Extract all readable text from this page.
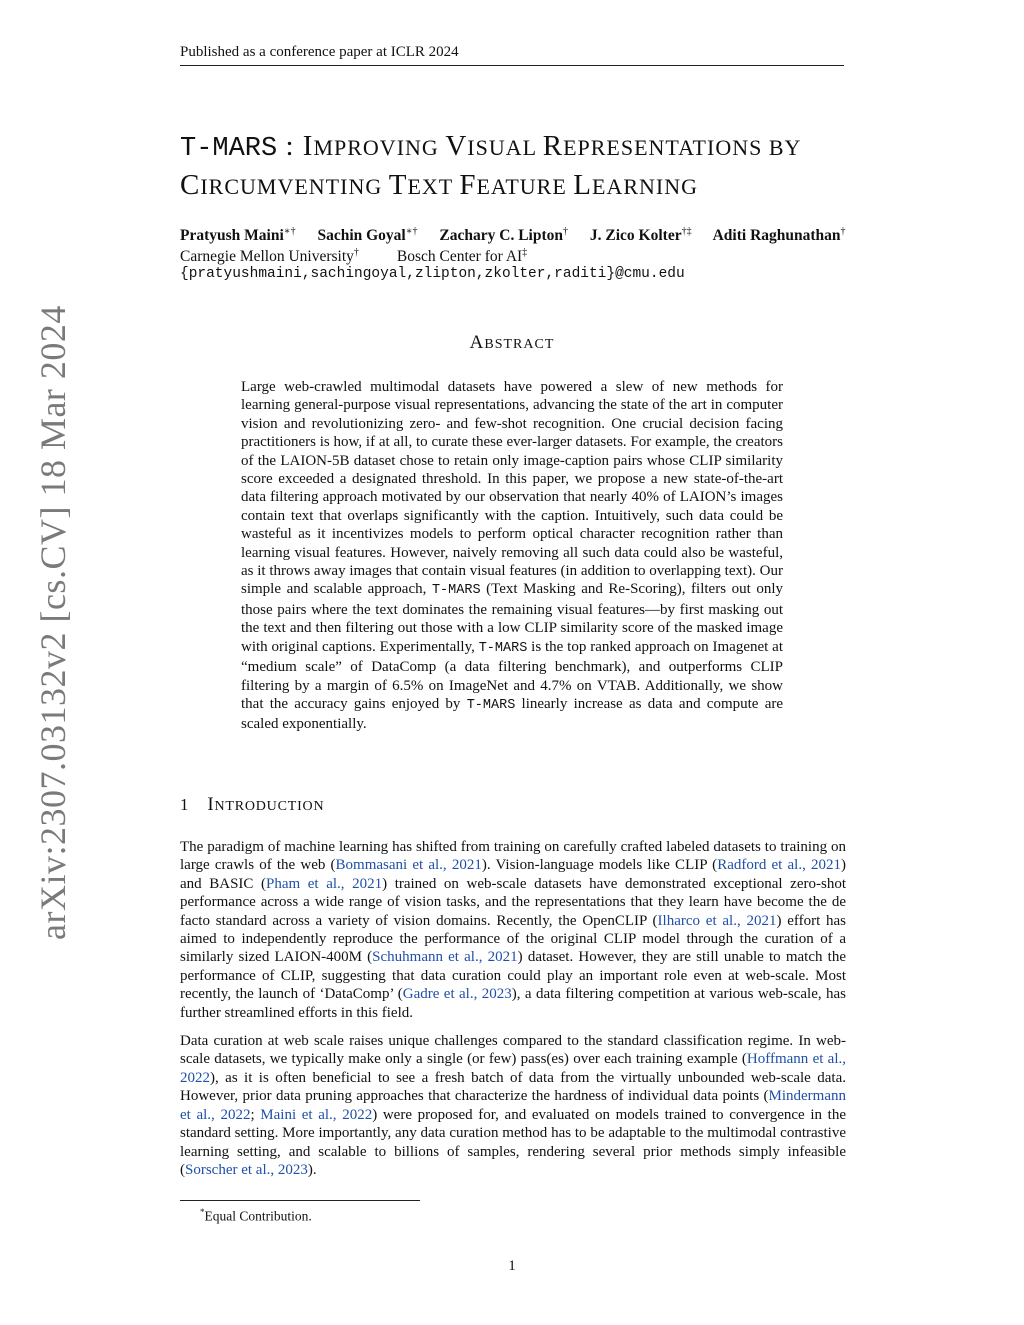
Published as a conference paper at ICLR 2024
arXiv:2307.03132v2 [cs.CV] 18 Mar 2024
T-MARS : IMPROVING VISUAL REPRESENTATIONS BY
CIRCUMVENTING TEXT FEATURE LEARNING
Pratyush Maini∗† Sachin Goyal∗† Zachary C. Lipton† J. Zico Kolter†‡ Aditi Raghunathan†
Carnegie Mellon University† Bosch Center for AI‡
{pratyushmaini,sachingoyal,zlipton,zkolter,raditi}@cmu.edu
ABSTRACT
Large web-crawled multimodal datasets have powered a slew of new methods for learning general-purpose visual representations, advancing the state of the art in computer vision and revolutionizing zero- and few-shot recognition. One crucial decision facing practitioners is how, if at all, to curate these ever-larger datasets. For example, the creators of the LAION-5B dataset chose to retain only image-caption pairs whose CLIP similarity score exceeded a designated threshold. In this paper, we propose a new state-of-the-art data filtering approach motivated by our observation that nearly 40% of LAION’s images contain text that overlaps significantly with the caption. Intuitively, such data could be wasteful as it incentivizes models to perform optical character recognition rather than learning visual features. However, naively removing all such data could also be wasteful, as it throws away images that contain visual features (in addition to overlapping text). Our simple and scalable approach, T-MARS (Text Masking and Re-Scoring), filters out only those pairs where the text dominates the remaining visual features—by first masking out the text and then filtering out those with a low CLIP similarity score of the masked image with original captions. Experimentally, T-MARS is the top ranked approach on Imagenet at “medium scale” of DataComp (a data filtering benchmark), and outperforms CLIP filtering by a margin of 6.5% on ImageNet and 4.7% on VTAB. Additionally, we show that the accuracy gains enjoyed by T-MARS linearly increase as data and compute are scaled exponentially.
1 INTRODUCTION

The paradigm of machine learning has shifted from training on carefully crafted labeled datasets to training on large crawls of the web (Bommasani et al., 2021). Vision-language models like CLIP (Radford et al., 2021) and BASIC (Pham et al., 2021) trained on web-scale datasets have demonstrated exceptional zero-shot performance across a wide range of vision tasks, and the representations that they learn have become the de facto standard across a variety of vision domains. Recently, the OpenCLIP (Ilharco et al., 2021) effort has aimed to independently reproduce the performance of the original CLIP model through the curation of a similarly sized LAION-400M (Schuhmann et al., 2021) dataset. However, they are still unable to match the performance of CLIP, suggesting that data curation could play an important role even at web-scale. Most recently, the launch of ‘DataComp’ (Gadre et al., 2023), a data filtering competition at various web-scale, has further streamlined efforts in this field.

Data curation at web scale raises unique challenges compared to the standard classification regime. In web-scale datasets, we typically make only a single (or few) pass(es) over each training example (Hoffmann et al., 2022), as it is often beneficial to see a fresh batch of data from the virtually unbounded web-scale data. However, prior data pruning approaches that characterize the hardness of individual data points (Mindermann et al., 2022; Maini et al., 2022) were proposed for, and evaluated on models trained to convergence in the standard setting. More importantly, any data curation method has to be adaptable to the multimodal contrastive learning setting, and scalable to billions of samples, rendering several prior methods simply infeasible (Sorscher et al., 2023).

*Equal Contribution.
1
